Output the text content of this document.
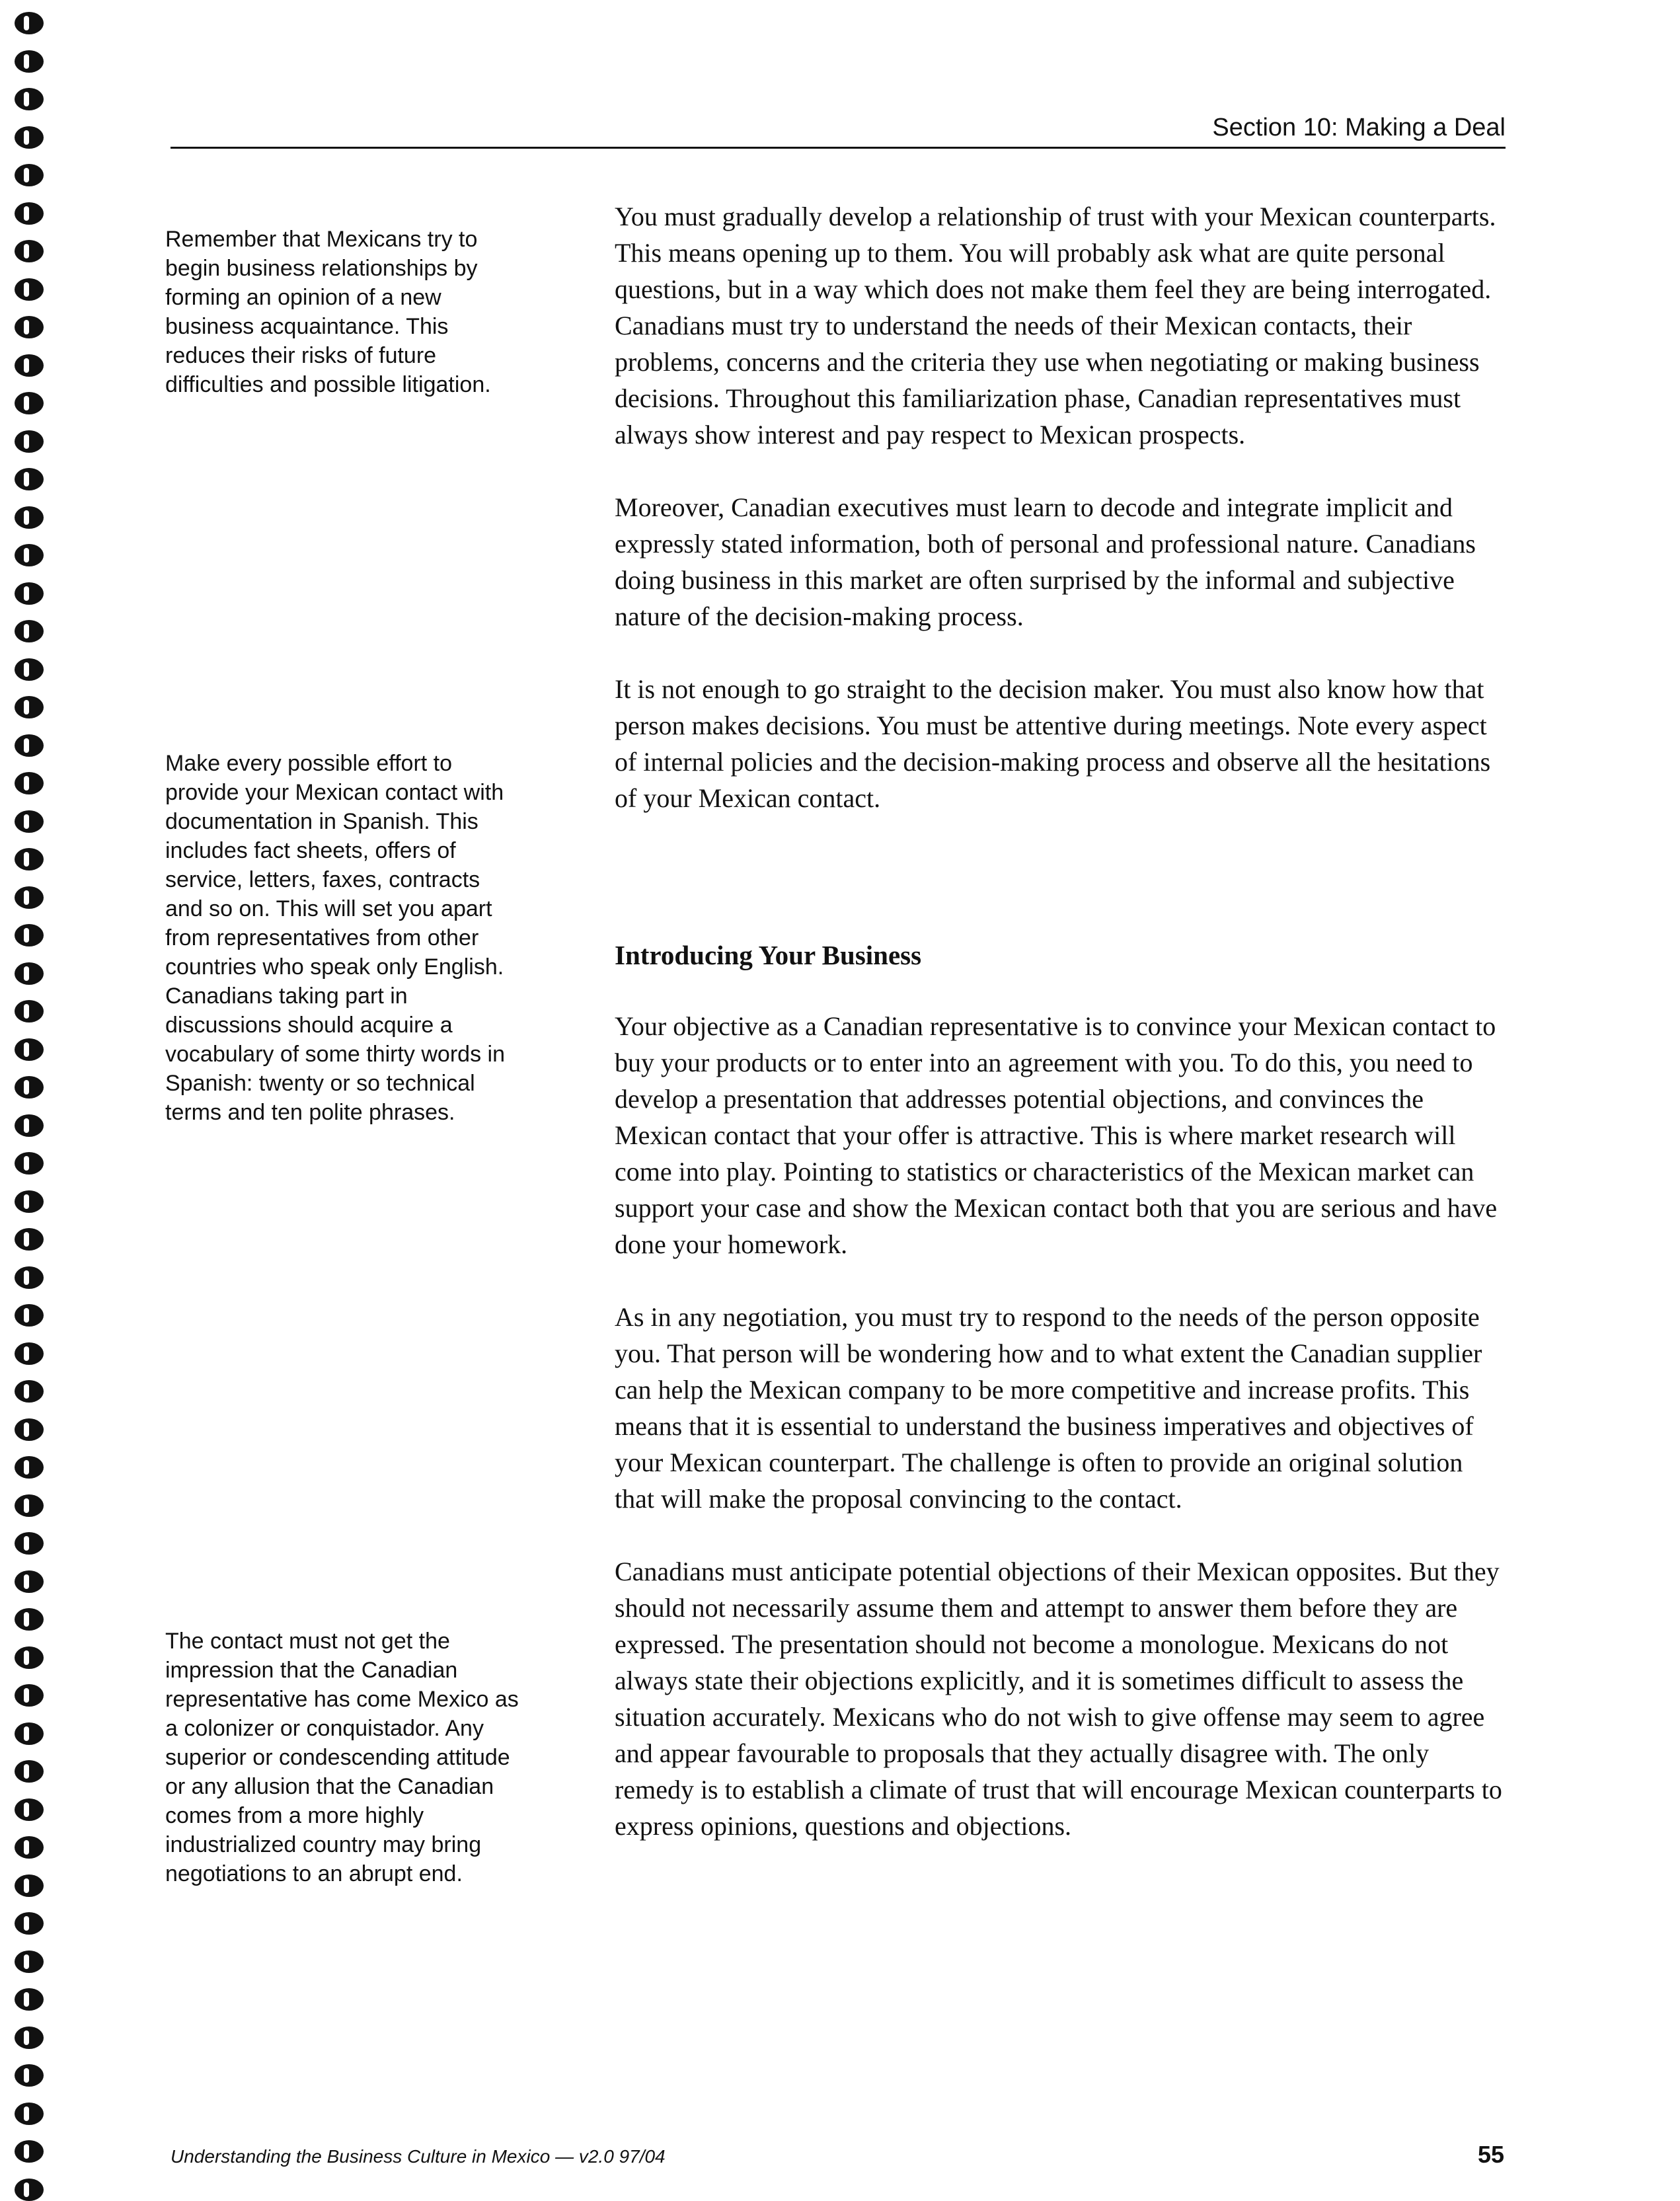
Section 10: Making a Deal

Remember that Mexicans try to begin business relationships by forming an opinion of a new business acquaintance. This reduces their risks of future difficulties and possible litigation.

Make every possible effort to provide your Mexican contact with documentation in Spanish. This includes fact sheets, offers of service, letters, faxes, contracts and so on. This will set you apart from representatives from other countries who speak only English. Canadians taking part in discussions should acquire a vocabulary of some thirty words in Spanish: twenty or so technical terms and ten polite phrases.

The contact must not get the impression that the Canadian representative has come Mexico as a colonizer or conquistador. Any superior or condescending attitude or any allusion that the Canadian comes from a more highly industrialized country may bring negotiations to an abrupt end.

You must gradually develop a relationship of trust with your Mexican counterparts. This means opening up to them. You will probably ask what are quite personal questions, but in a way which does not make them feel they are being interrogated. Canadians must try to understand the needs of their Mexican contacts, their problems, concerns and the criteria they use when negotiating or making business decisions. Throughout this familiarization phase, Canadian representatives must always show interest and pay respect to Mexican prospects.

Moreover, Canadian executives must learn to decode and integrate implicit and expressly stated information, both of personal and professional nature. Canadians doing business in this market are often surprised by the informal and subjective nature of the decision-making process.

It is not enough to go straight to the decision maker. You must also know how that person makes decisions. You must be attentive during meetings. Note every aspect of internal policies and the decision-making process and observe all the hesitations of your Mexican contact.

Introducing Your Business

Your objective as a Canadian representative is to convince your Mexican contact to buy your products or to enter into an agreement with you. To do this, you need to develop a presentation that addresses potential objections, and convinces the Mexican contact that your offer is attractive. This is where market research will come into play. Pointing to statistics or characteristics of the Mexican market can support your case and show the Mexican contact both that you are serious and have done your homework.

As in any negotiation, you must try to respond to the needs of the person opposite you. That person will be wondering how and to what extent the Canadian supplier can help the Mexican company to be more competitive and increase profits. This means that it is essential to understand the business imperatives and objectives of your Mexican counterpart. The challenge is often to provide an original solution that will make the proposal convincing to the contact.

Canadians must anticipate potential objections of their Mexican opposites. But they should not necessarily assume them and attempt to answer them before they are expressed. The presentation should not become a monologue. Mexicans do not always state their objections explicitly, and it is sometimes difficult to assess the situation accurately. Mexicans who do not wish to give offense may seem to agree and appear favourable to proposals that they actually disagree with. The only remedy is to establish a climate of trust that will encourage Mexican counterparts to express opinions, questions and objections.

Understanding the Business Culture in Mexico — v2.0 97/04	55
